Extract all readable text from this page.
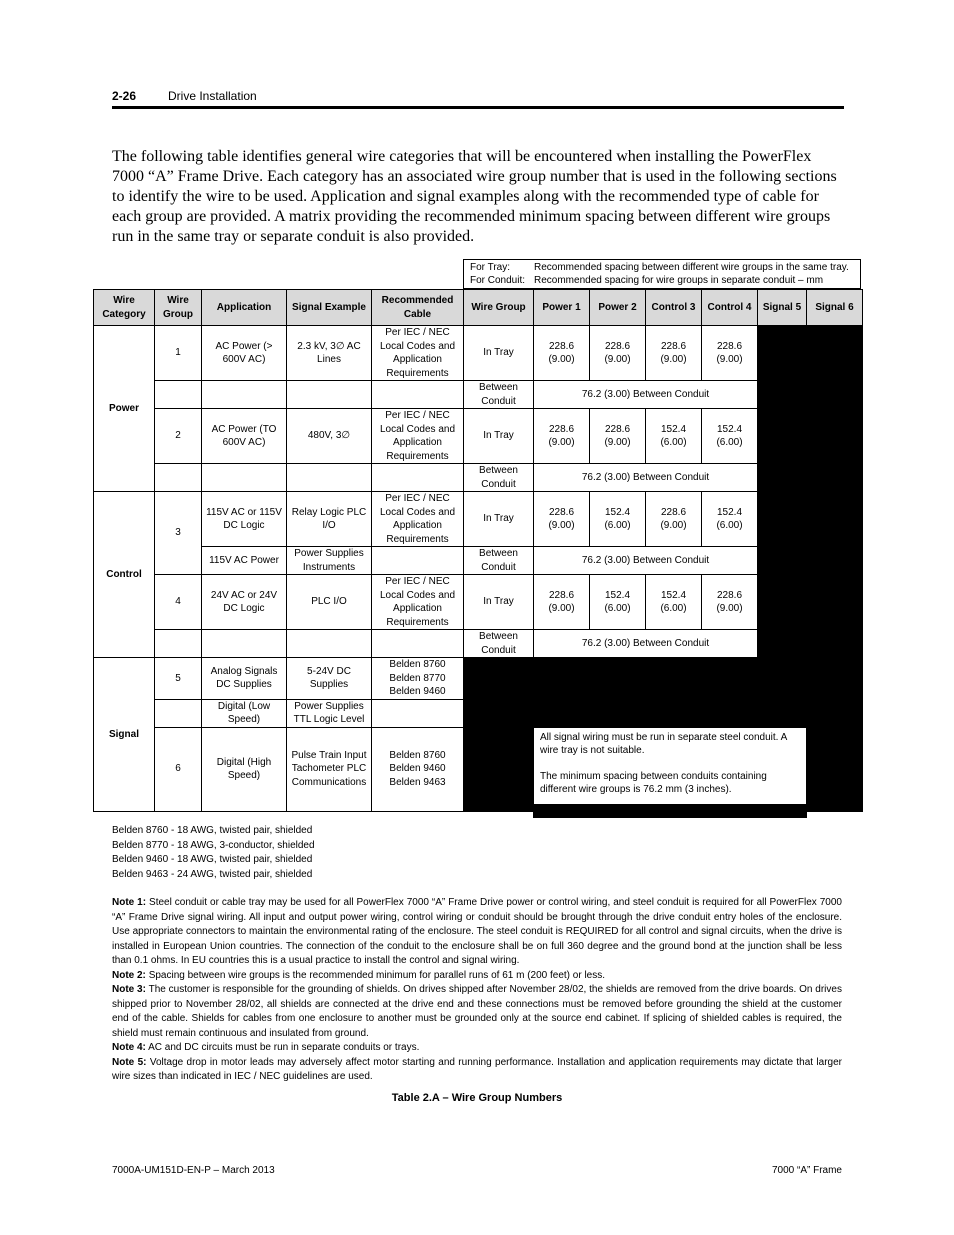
2-26	Drive Installation
The following table identifies general wire categories that will be encountered when installing the PowerFlex 7000 “A” Frame Drive. Each category has an associated wire group number that is used in the following sections to identify the wire to be used. Application and signal examples along with the recommended type of cable for each group are provided. A matrix providing the recommended minimum spacing between different wire groups run in the same tray or separate conduit is also provided.
For Tray: Recommended spacing between different wire groups in the same tray.
For Conduit: Recommended spacing for wire groups in separate conduit – mm
Wire Category	Wire Group	Application	Signal Example	Recommended Cable	Wire Group	Power 1	Power 2	Control 3	Control 4	Signal 5	Signal 6
Power	1	AC Power (> 600V AC)	2.3 kV, 3∅ AC Lines	Per IEC / NEC Local Codes and Application Requirements	In Tray	228.6 (9.00)	228.6 (9.00)	228.6 (9.00)	228.6 (9.00)		
					Between Conduit	76.2 (3.00) Between Conduit					
	2	AC Power (TO 600V AC)	480V, 3∅	Per IEC / NEC Local Codes and Application Requirements	In Tray	228.6 (9.00)	228.6 (9.00)	152.4 (6.00)	152.4 (6.00)		
					Between Conduit	76.2 (3.00) Between Conduit					
Control	3	115V AC or 115V DC Logic	Relay Logic PLC I/O	Per IEC / NEC Local Codes and Application Requirements	In Tray	228.6 (9.00)	152.4 (6.00)	228.6 (9.00)	152.4 (6.00)		
		115V AC Power	Power Supplies Instruments		Between Conduit	76.2 (3.00) Between Conduit					
	4	24V AC or 24V DC Logic	PLC I/O	Per IEC / NEC Local Codes and Application Requirements	In Tray	228.6 (9.00)	152.4 (6.00)	152.4 (6.00)	228.6 (9.00)		
					Between Conduit	76.2 (3.00) Between Conduit					
Signal	5	Analog Signals DC Supplies	5-24V DC Supplies	Belden 8760 Belden 8770 Belden 9460							
		Digital (Low Speed)	Power Supplies TTL Logic Level								
	6	Digital (High Speed)	Pulse Train Input Tachometer PLC Communications	Belden 8760 Belden 9460 Belden 9463		All signal wiring must be run in separate steel conduit. A wire tray is not suitable.
The minimum spacing between conduits containing different wire groups is 76.2 mm (3 inches).					

Belden 8760 - 18 AWG, twisted pair, shielded
Belden 8770 - 18 AWG, 3-conductor, shielded
Belden 9460 - 18 AWG, twisted pair, shielded
Belden 9463 - 24 AWG, twisted pair, shielded

Note 1: Steel conduit or cable tray may be used for all PowerFlex 7000 “A” Frame Drive power or control wiring, and steel conduit is required for all PowerFlex 7000 “A” Frame Drive signal wiring. All input and output power wiring, control wiring or conduit should be brought through the drive conduit entry holes of the enclosure. Use appropriate connectors to maintain the environmental rating of the enclosure. The steel conduit is REQUIRED for all control and signal circuits, when the drive is installed in European Union countries. The connection of the conduit to the enclosure shall be on full 360 degree and the ground bond at the junction shall be less than 0.1 ohms. In EU countries this is a usual practice to install the control and signal wiring.

Note 2: Spacing between wire groups is the recommended minimum for parallel runs of 61 m (200 feet) or less.

Note 3: The customer is responsible for the grounding of shields. On drives shipped after November 28/02, the shields are removed from the drive boards. On drives shipped prior to November 28/02, all shields are connected at the drive end and these connections must be removed before grounding the shield at the customer end of the cable. Shields for cables from one enclosure to another must be grounded only at the source end cabinet. If splicing of shielded cables is required, the shield must remain continuous and insulated from ground.

Note 4: AC and DC circuits must be run in separate conduits or trays.

Note 5: Voltage drop in motor leads may adversely affect motor starting and running performance. Installation and application requirements may dictate that larger wire sizes than indicated in IEC / NEC guidelines are used.

Table 2.A – Wire Group Numbers
7000A-UM151D-EN-P – March 2013	7000 “A” Frame
